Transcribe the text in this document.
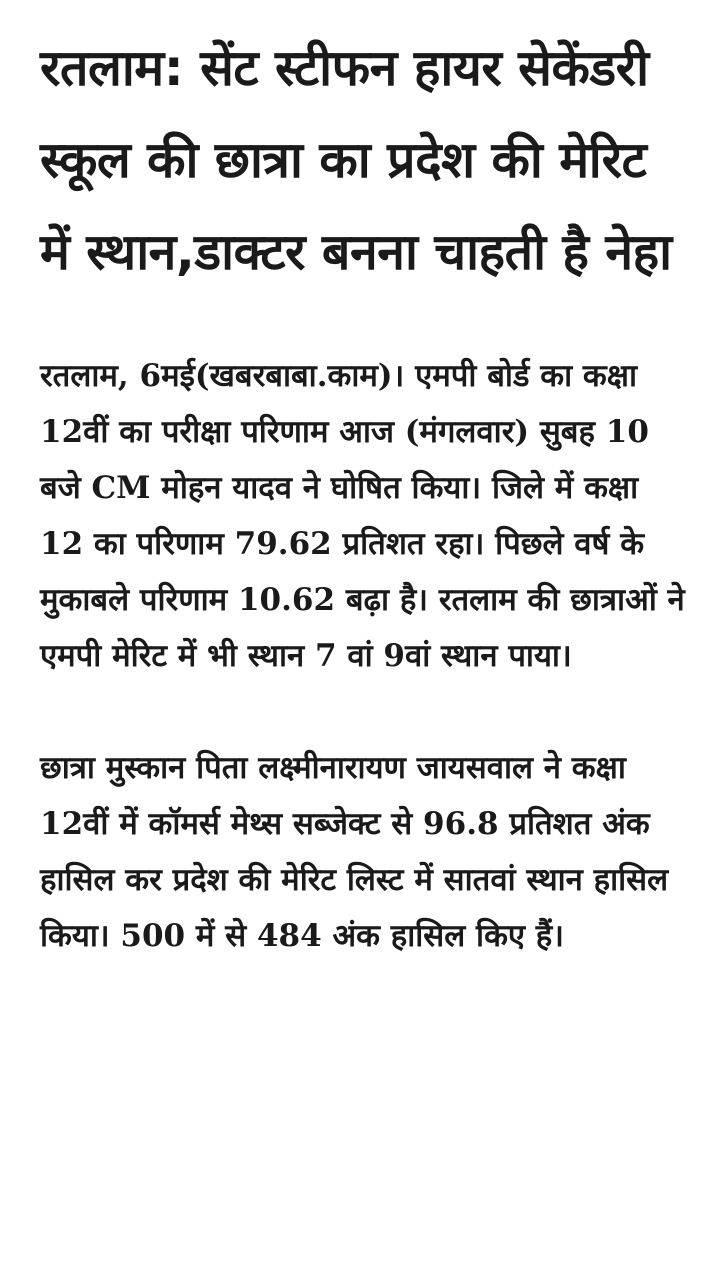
रतलाम: सेंट स्टीफन हायर सेकेंडरी स्कूल की छात्रा का प्रदेश की मेरिट में स्थान,डाक्टर बनना चाहती है नेहा

रतलाम, 6मई(खबरबाबा.काम)। एमपी बोर्ड का कक्षा 12वीं का परीक्षा परिणाम आज (मंगलवार) सुबह 10 बजे CM मोहन यादव ने घोषित किया। जिले में कक्षा 12 का परिणाम 79.62 प्रतिशत रहा। पिछले वर्ष के मुकाबले परिणाम 10.62 बढ़ा है। रतलाम की छात्राओं ने एमपी मेरिट में भी स्थान 7 वां 9वां स्थान पाया।

छात्रा मुस्कान पिता लक्ष्मीनारायण जायसवाल ने कक्षा 12वीं में कॉमर्स मेथ्स सब्जेक्ट से 96.8 प्रतिशत अंक हासिल कर प्रदेश की मेरिट लिस्ट में सातवां स्थान हासिल किया। 500 में से 484 अंक हासिल किए हैं।
